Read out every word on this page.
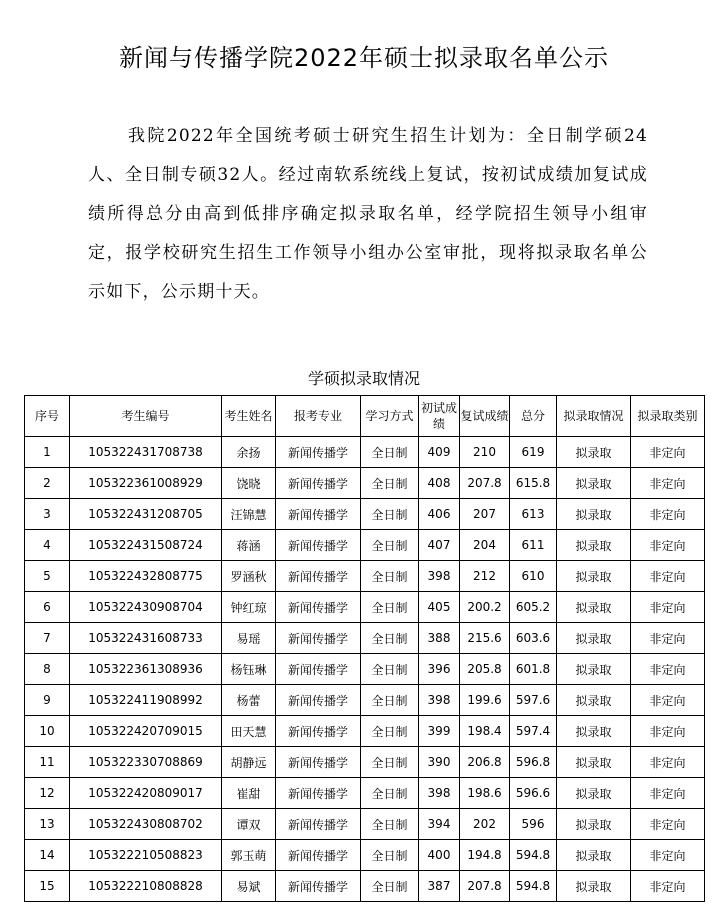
新闻与传播学院2022年硕士拟录取名单公示
我院2022年全国统考硕士研究生招生计划为：全日制学硕24人、全日制专硕32人。经过南软系统线上复试，按初试成绩加复试成绩所得总分由高到低排序确定拟录取名单，经学院招生领导小组审定，报学校研究生招生工作领导小组办公室审批，现将拟录取名单公示如下，公示期十天。
学硕拟录取情况
序号	考生编号	考生姓名	报考专业	学习方式	初试成绩	复试成绩	总分	拟录取情况	拟录取类别
1	105322431708738	余扬	新闻传播学	全日制	409	210	619	拟录取	非定向
2	105322361008929	饶晓	新闻传播学	全日制	408	207.8	615.8	拟录取	非定向
3	105322431208705	汪锦慧	新闻传播学	全日制	406	207	613	拟录取	非定向
4	105322431508724	蒋涵	新闻传播学	全日制	407	204	611	拟录取	非定向
5	105322432808775	罗涵秋	新闻传播学	全日制	398	212	610	拟录取	非定向
6	105322430908704	钟红琼	新闻传播学	全日制	405	200.2	605.2	拟录取	非定向
7	105322431608733	易瑶	新闻传播学	全日制	388	215.6	603.6	拟录取	非定向
8	105322361308936	杨钰琳	新闻传播学	全日制	396	205.8	601.8	拟录取	非定向
9	105322411908992	杨蕾	新闻传播学	全日制	398	199.6	597.6	拟录取	非定向
10	105322420709015	田天慧	新闻传播学	全日制	399	198.4	597.4	拟录取	非定向
11	105322330708869	胡静远	新闻传播学	全日制	390	206.8	596.8	拟录取	非定向
12	105322420809017	崔甜	新闻传播学	全日制	398	198.6	596.6	拟录取	非定向
13	105322430808702	谭双	新闻传播学	全日制	394	202	596	拟录取	非定向
14	105322210508823	郭玉萌	新闻传播学	全日制	400	194.8	594.8	拟录取	非定向
15	105322210808828	易斌	新闻传播学	全日制	387	207.8	594.8	拟录取	非定向
